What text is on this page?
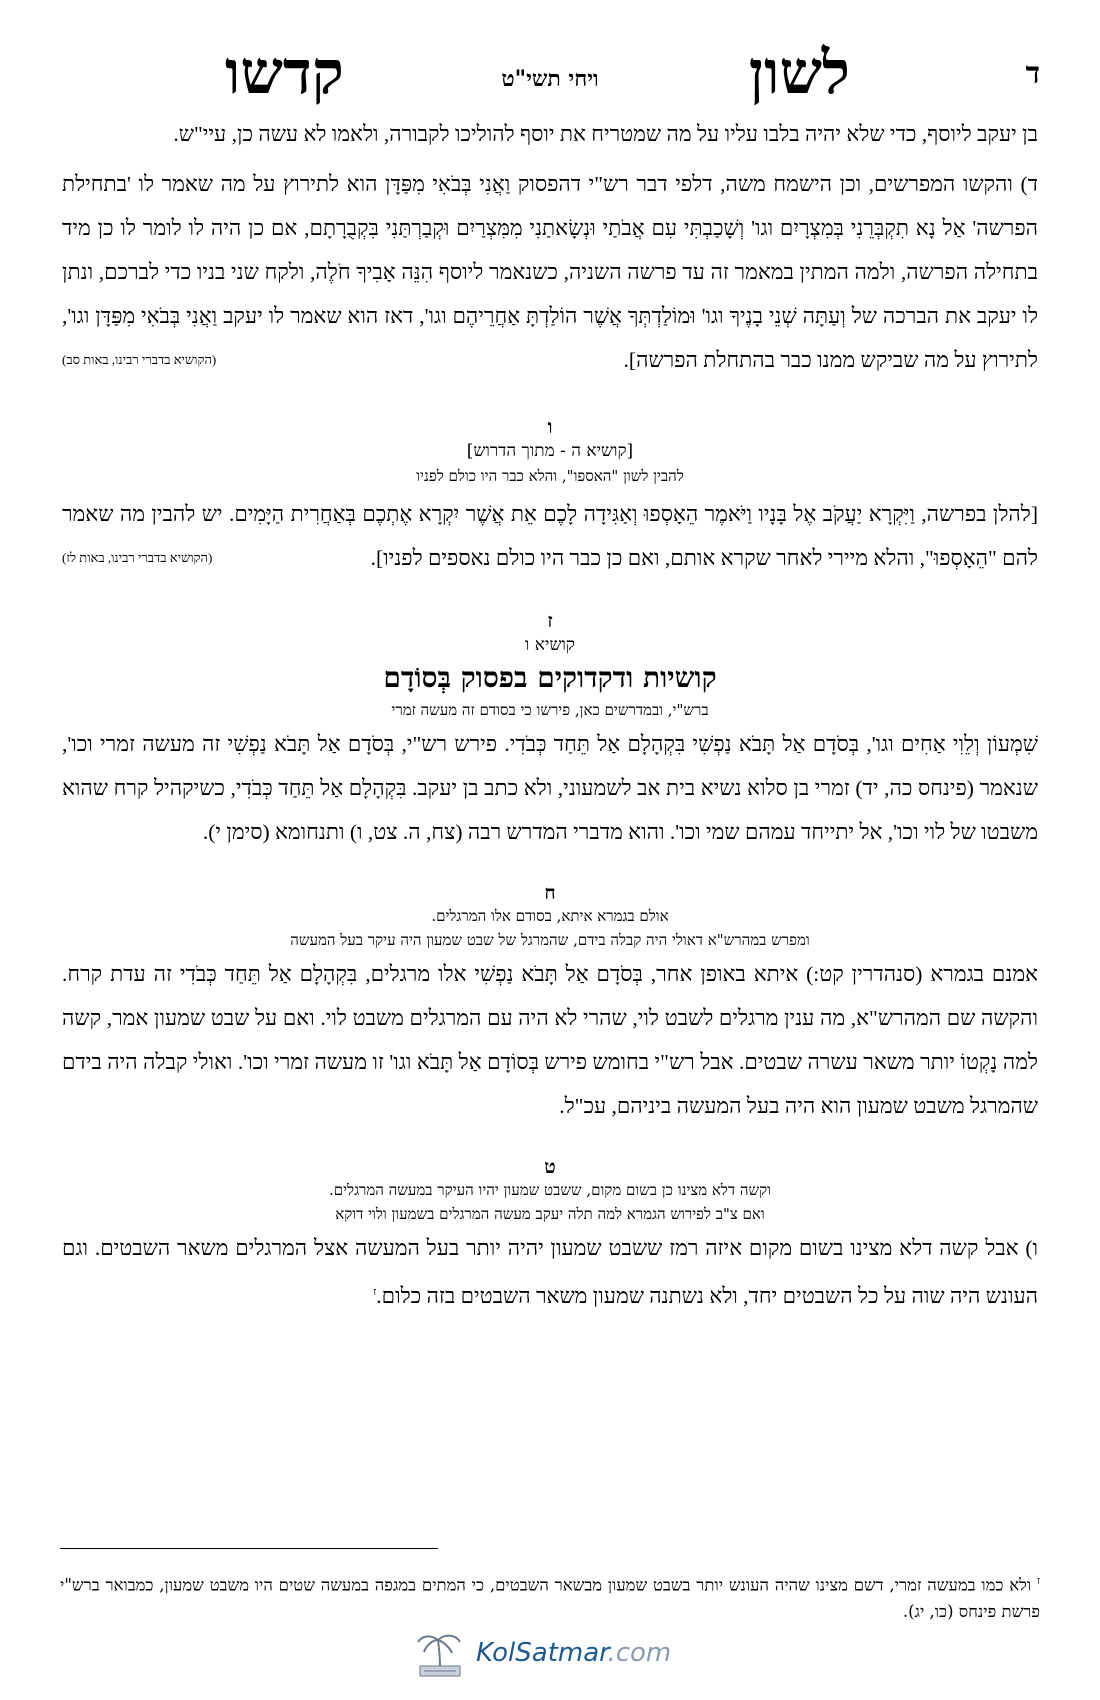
ד
לשון
ויחי תשי"ט
קדשו

בן יעקב ליוסף, כדי שלא יהיה בלבו עליו על מה שמטריח את יוסף להוליכו לקבורה, ולאמו לא עשה כן, עיי"ש.

ד) והקשו המפרשים, וכן הישמח משה, דלפי דבר רש"י דהפסוק וַאֲנִי בְּבֹאִי מִפַּדָּן הוא לתירוץ על מה שאמר לו 'בתחילת הפרשה' אַל נָא תִקְבְּרֵנִי בְּמִצְרָיִם וגו' וְשָׁכַבְתִּי עִם אֲבֹתַי וּנְשָׂאתַנִי מִמִּצְרַיִם וּקְבַרְתַּנִי בִּקְבֻרָתָם, אם כן היה לו לומר לו כן מיד בתחילה הפרשה, ולמה המתין במאמר זה עד פרשה השניה, כשנאמר ליוסף הִנֵּה אָבִיךָ חֹלֶה, ולקח שני בניו כדי לברכם, ונתן לו יעקב את הברכה של וְעַתָּה שְׁנֵי בָנֶיךָ וגו' וּמוֹלַדְתְּךָ אֲשֶׁר הוֹלַדְתָּ אַחֲרֵיהֶם וגו', דאז הוא שאמר לו יעקב וַאֲנִי בְּבֹאִי מִפַּדָּן וגו', לתירוץ על מה שביקש ממנו כבר בהתחלת הפרשה].
(הקושיא בדברי רבינו, באות סב)

ו
[קושיא ה - מתוך הדרוש]
להבין לשון "האספו", והלא כבר היו כולם לפניו

[להלן בפרשה, וַיִּקְרָא יַעֲקֹב אֶל בָּנָיו וַיֹּאמֶר הֵאָסְפוּ וְאַגִּידָה לָכֶם אֵת אֲשֶׁר יִקְרָא אֶתְכֶם בְּאַחֲרִית הַיָּמִים. יש להבין מה שאמר להם "הֵאָסְפוּ", והלא מיירי לאחר שקרא אותם, ואם כן כבר היו כולם נאספים לפניו].
(הקושיא בדברי רבינו, באות לז)

ז
קושיא ו
קושיות ודקדוקים בפסוק בְּסוֹדָם
ברש"י, ובמדרשים כאן, פירשו כי בסודם זה מעשה זמרי

שִׁמְעוֹן וְלֵוִי אַחִים וגו', בְּסֹדָם אַל תָּבֹא נַפְשִׁי בִּקְהָלָם אַל תֵּחַד כְּבֹדִי. פירש רש"י, בְּסֹדָם אַל תָּבֹא נַפְשִׁי זה מעשה זמרי וכו', שנאמר (פינחס כה, יד) זמרי בן סלוא נשיא בית אב לשמעוני, ולא כתב בן יעקב. בִּקְהָלָם אַל תֵּחַד כְּבֹדִי, כשיקהיל קרח שהוא משבטו של לוי וכו', אל יתייחד עמהם שמי וכו'. והוא מדברי המדרש רבה (צח, ה. צט, ו) ותנחומא (סימן י).

ח
אולם בגמרא איתא, בסודם אלו המרגלים.
ומפרש במהרש"א דאולי היה קבלה בידם, שהמרגל של שבט שמעון היה עיקר בעל המעשה

אמנם בגמרא (סנהדרין קט:) איתא באופן אחר, בְּסֹדָם אַל תָּבֹא נַפְשִׁי אלו מרגלים, בִּקְהָלָם אַל תֵּחַד כְּבֹדִי זה עדת קרח. והקשה שם המהרש"א, מה ענין מרגלים לשבט לוי, שהרי לא היה עם המרגלים משבט לוי. ואם על שבט שמעון אמר, קשה למה נָקְטוֹ יותר משאר עשרה שבטים. אבל רש"י בחומש פירש בְּסוֹדָם אַל תָּבֹא וגו' זו מעשה זמרי וכו'. ואולי קבלה היה בידם שהמרגל משבט שמעון הוא היה בעל המעשה ביניהם, עכ"ל.

ט
וקשה דלא מצינו כן בשום מקום, ששבט שמעון יהיו העיקר במעשה המרגלים.
ואם צ"ב לפירוש הגמרא למה תלה יעקב מעשה המרגלים בשמעון ולוי דוקא

ו) אבל קשה דלא מצינו בשום מקום איזה רמז ששבט שמעון יהיה יותר בעל המעשה אצל המרגלים משאר השבטים. וגם העונש היה שוה על כל השבטים יחד, ולא נשתנה שמעון משאר השבטים בזה כלום.$^ז$

$^ז$ ולא כמו במעשה זמרי, דשם מצינו שהיה העונש יותר בשבט שמעון מבשאר השבטים, כי המתים במגפה במעשה שטים היו משבט שמעון, כמבואר ברש"י פרשת פינחס (כו, יג).
KolSatmar.com
